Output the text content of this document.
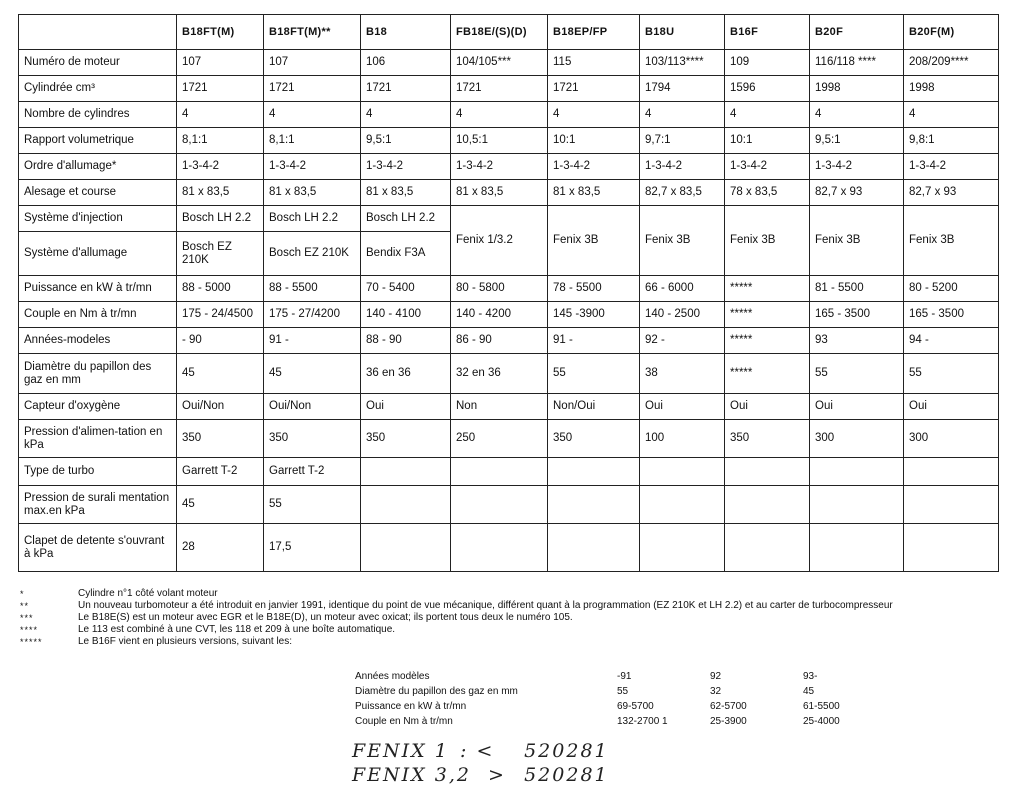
	B18FT(M)	B18FT(M)**	B18	FB18E/(S)(D)	B18EP/FP	B18U	B16F	B20F	B20F(M)
Numéro de moteur	107	107	106	104/105***	115	103/113****	109	116/118 ****	208/209****
Cylindrée cm³	1721	1721	1721	1721	1721	1794	1596	1998	1998
Nombre de cylindres	4	4	4	4	4	4	4	4	4
Rapport volumetrique	8,1:1	8,1:1	9,5:1	10,5:1	10:1	9,7:1	10:1	9,5:1	9,8:1
Ordre d'allumage*	1-3-4-2	1-3-4-2	1-3-4-2	1-3-4-2	1-3-4-2	1-3-4-2	1-3-4-2	1-3-4-2	1-3-4-2
Alesage et course	81 x 83,5	81 x 83,5	81 x 83,5	81 x 83,5	81 x 83,5	82,7 x 83,5	78 x 83,5	82,7 x 93	82,7 x 93
Système d'injection	Bosch LH 2.2	Bosch LH 2.2	Bosch LH 2.2	Fenix 1/3.2	Fenix 3B	Fenix 3B	Fenix 3B	Fenix 3B	Fenix 3B
Système d'allumage	Bosch EZ 210K	Bosch EZ 210K	Bendix F3A						
Puissance en kW à tr/mn	88 - 5000	88 - 5500	70 - 5400	80 - 5800	78 - 5500	66 - 6000	*****	81 - 5500	80 - 5200
Couple en Nm à tr/mn	175 - 24/4500	175 - 27/4200	140 - 4100	140 - 4200	145 -3900	140 - 2500	*****	165 - 3500	165 - 3500
Années-modeles	- 90	91 -	88 - 90	86 - 90	91 -	92 -	*****	93	94 -
Diamètre du papillon des gaz en mm	45	45	36 en 36	32 en 36	55	38	*****	55	55
Capteur d'oxygène	Oui/Non	Oui/Non	Oui	Non	Non/Oui	Oui	Oui	Oui	Oui
Pression d'alimen-tation en kPa	350	350	350	250	350	100	350	300	300
Type de turbo	Garrett T-2	Garrett T-2							
Pression de surali mentation max.en kPa	45	55							
Clapet de detente s'ouvrant à kPa	28	17,5							
*	Cylindre n°1 côté volant moteur
**	Un nouveau turbomoteur a été introduit en janvier 1991, identique du point de vue mécanique, différent quant à la programmation (EZ 210K et LH 2.2) et au carter de turbocompresseur
***	Le B18E(S) est un moteur avec EGR et le B18E(D), un moteur avec oxicat; ils portent tous deux le numéro 105.
****	Le 113 est combiné à une CVT, les 118 et 209 à une boîte automatique.
*****	Le B16F vient en plusieurs versions, suivant les:
Années modèles	-91	92	93-
Diamètre du papillon des gaz en mm	55	32	45
Puissance en kW à tr/mn	69-5700	62-5700	61-5500
Couple en Nm à tr/mn	132-2700 1	25-3900	25-4000
FENIX 1 : < 520281
FENIX 3,2 > 520281
